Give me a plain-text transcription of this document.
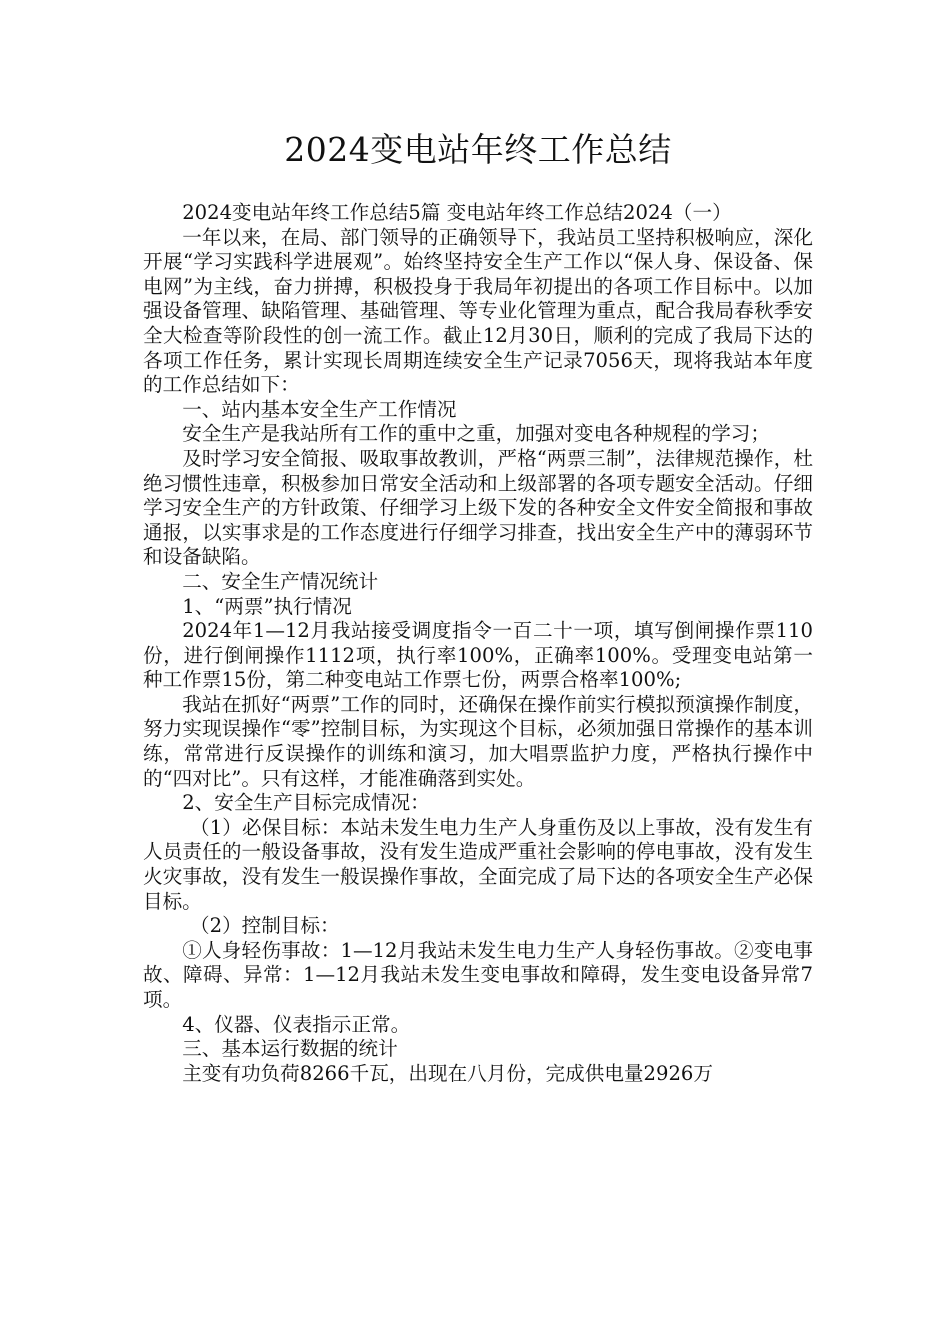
2024变电站年终工作总结

2024变电站年终工作总结5篇 变电站年终工作总结2024（一）

一年以来，在局、部门领导的正确领导下，我站员工坚持积极响应，深化开展“学习实践科学进展观”。始终坚持安全生产工作以“保人身、保设备、保电网”为主线，奋力拼搏，积极投身于我局年初提出的各项工作目标中。以加强设备管理、缺陷管理、基础管理、等专业化管理为重点，配合我局春秋季安全大检查等阶段性的创一流工作。截止12月30日，顺利的完成了我局下达的各项工作任务，累计实现长周期连续安全生产记录7056天，现将我站本年度的工作总结如下：

一、站内基本安全生产工作情况

安全生产是我站所有工作的重中之重，加强对变电各种规程的学习；

及时学习安全简报、吸取事故教训，严格“两票三制”，法律规范操作，杜绝习惯性违章，积极参加日常安全活动和上级部署的各项专题安全活动。仔细学习安全生产的方针政策、仔细学习上级下发的各种安全文件安全简报和事故通报，以实事求是的工作态度进行仔细学习排查，找出安全生产中的薄弱环节和设备缺陷。

二、安全生产情况统计

1、“两票”执行情况

2024年1—12月我站接受调度指令一百二十一项，填写倒闸操作票110份，进行倒闸操作1112项，执行率100%，正确率100%。受理变电站第一种工作票15份，第二种变电站工作票七份，两票合格率100%;

我站在抓好“两票”工作的同时，还确保在操作前实行模拟预演操作制度，努力实现误操作“零”控制目标，为实现这个目标，必须加强日常操作的基本训练，常常进行反误操作的训练和演习，加大唱票监护力度，严格执行操作中的“四对比”。只有这样，才能准确落到实处。

2、安全生产目标完成情况：

（1）必保目标：本站未发生电力生产人身重伤及以上事故，没有发生有人员责任的一般设备事故，没有发生造成严重社会影响的停电事故，没有发生火灾事故，没有发生一般误操作事故，全面完成了局下达的各项安全生产必保目标。

（2）控制目标：

①人身轻伤事故：1—12月我站未发生电力生产人身轻伤事故。②变电事故、障碍、异常：1—12月我站未发生变电事故和障碍，发生变电设备异常7项。

4、仪器、仪表指示正常。

三、基本运行数据的统计

主变有功负荷8266千瓦，出现在八月份，完成供电量2926万
